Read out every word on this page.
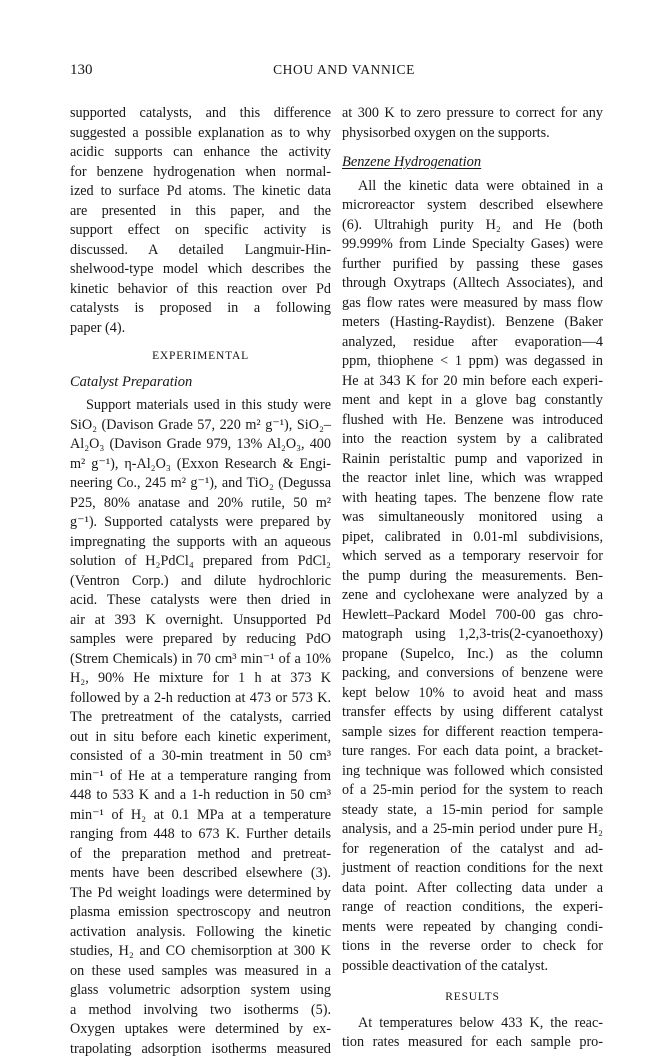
130	CHOU AND VANNICE

supported catalysts, and this difference
suggested a possible explanation as to why
acidic supports can enhance the activity
for benzene hydrogenation when normal-
ized to surface Pd atoms. The kinetic data
are presented in this paper, and the
support effect on specific activity is
discussed. A detailed Langmuir-Hin-
shelwood-type model which describes the
kinetic behavior of this reaction over Pd
catalysts is proposed in a following
paper (4).

EXPERIMENTAL
Catalyst Preparation

Support materials used in this study were
SiO₂ (Davison Grade 57, 220 m² g⁻¹), SiO₂–
Al₂O₃ (Davison Grade 979, 13% Al₂O₃, 400
m² g⁻¹), η-Al₂O₃ (Exxon Research & Engi-
neering Co., 245 m² g⁻¹), and TiO₂ (Degussa
P25, 80% anatase and 20% rutile, 50 m²
g⁻¹). Supported catalysts were prepared by
impregnating the supports with an aqueous
solution of H₂PdCl₄ prepared from PdCl₂
(Ventron Corp.) and dilute hydrochloric
acid. These catalysts were then dried in
air at 393 K overnight. Unsupported Pd
samples were prepared by reducing PdO
(Strem Chemicals) in 70 cm³ min⁻¹ of a 10%
H₂, 90% He mixture for 1 h at 373 K
followed by a 2-h reduction at 473 or 573 K.
The pretreatment of the catalysts, carried
out in situ before each kinetic experiment,
consisted of a 30-min treatment in 50 cm³
min⁻¹ of He at a temperature ranging from
448 to 533 K and a 1-h reduction in 50 cm³
min⁻¹ of H₂ at 0.1 MPa at a temperature
ranging from 448 to 673 K. Further details
of the preparation method and pretreat-
ments have been described elsewhere (3).
The Pd weight loadings were determined by
plasma emission spectroscopy and neutron
activation analysis. Following the kinetic
studies, H₂ and CO chemisorption at 300 K
on these used samples was measured in a
glass volumetric adsorption system using
a method involving two isotherms (5).
Oxygen uptakes were determined by ex-
trapolating adsorption isotherms measured

at 300 K to zero pressure to correct for any
physisorbed oxygen on the supports.

Benzene Hydrogenation

All the kinetic data were obtained in a
microreactor system described elsewhere
(6). Ultrahigh purity H₂ and He (both
99.999% from Linde Specialty Gases) were
further purified by passing these gases
through Oxytraps (Alltech Associates), and
gas flow rates were measured by mass flow
meters (Hasting-Raydist). Benzene (Baker
analyzed, residue after evaporation—4
ppm, thiophene < 1 ppm) was degassed in
He at 343 K for 20 min before each experi-
ment and kept in a glove bag constantly
flushed with He. Benzene was introduced
into the reaction system by a calibrated
Rainin peristaltic pump and vaporized in
the reactor inlet line, which was wrapped
with heating tapes. The benzene flow rate
was simultaneously monitored using a
pipet, calibrated in 0.01-ml subdivisions,
which served as a temporary reservoir for
the pump during the measurements. Ben-
zene and cyclohexane were analyzed by a
Hewlett–Packard Model 700-00 gas chro-
matograph using 1,2,3-tris(2-cyanoethoxy)
propane (Supelco, Inc.) as the column
packing, and conversions of benzene were
kept below 10% to avoid heat and mass
transfer effects by using different catalyst
sample sizes for different reaction tempera-
ture ranges. For each data point, a bracket-
ing technique was followed which consisted
of a 25-min period for the system to reach
steady state, a 15-min period for sample
analysis, and a 25-min period under pure H₂
for regeneration of the catalyst and ad-
justment of reaction conditions for the next
data point. After collecting data under a
range of reaction conditions, the experi-
ments were repeated by changing condi-
tions in the reverse order to check for
possible deactivation of the catalyst.

RESULTS

At temperatures below 433 K, the reac-
tion rates measured for each sample pro-
